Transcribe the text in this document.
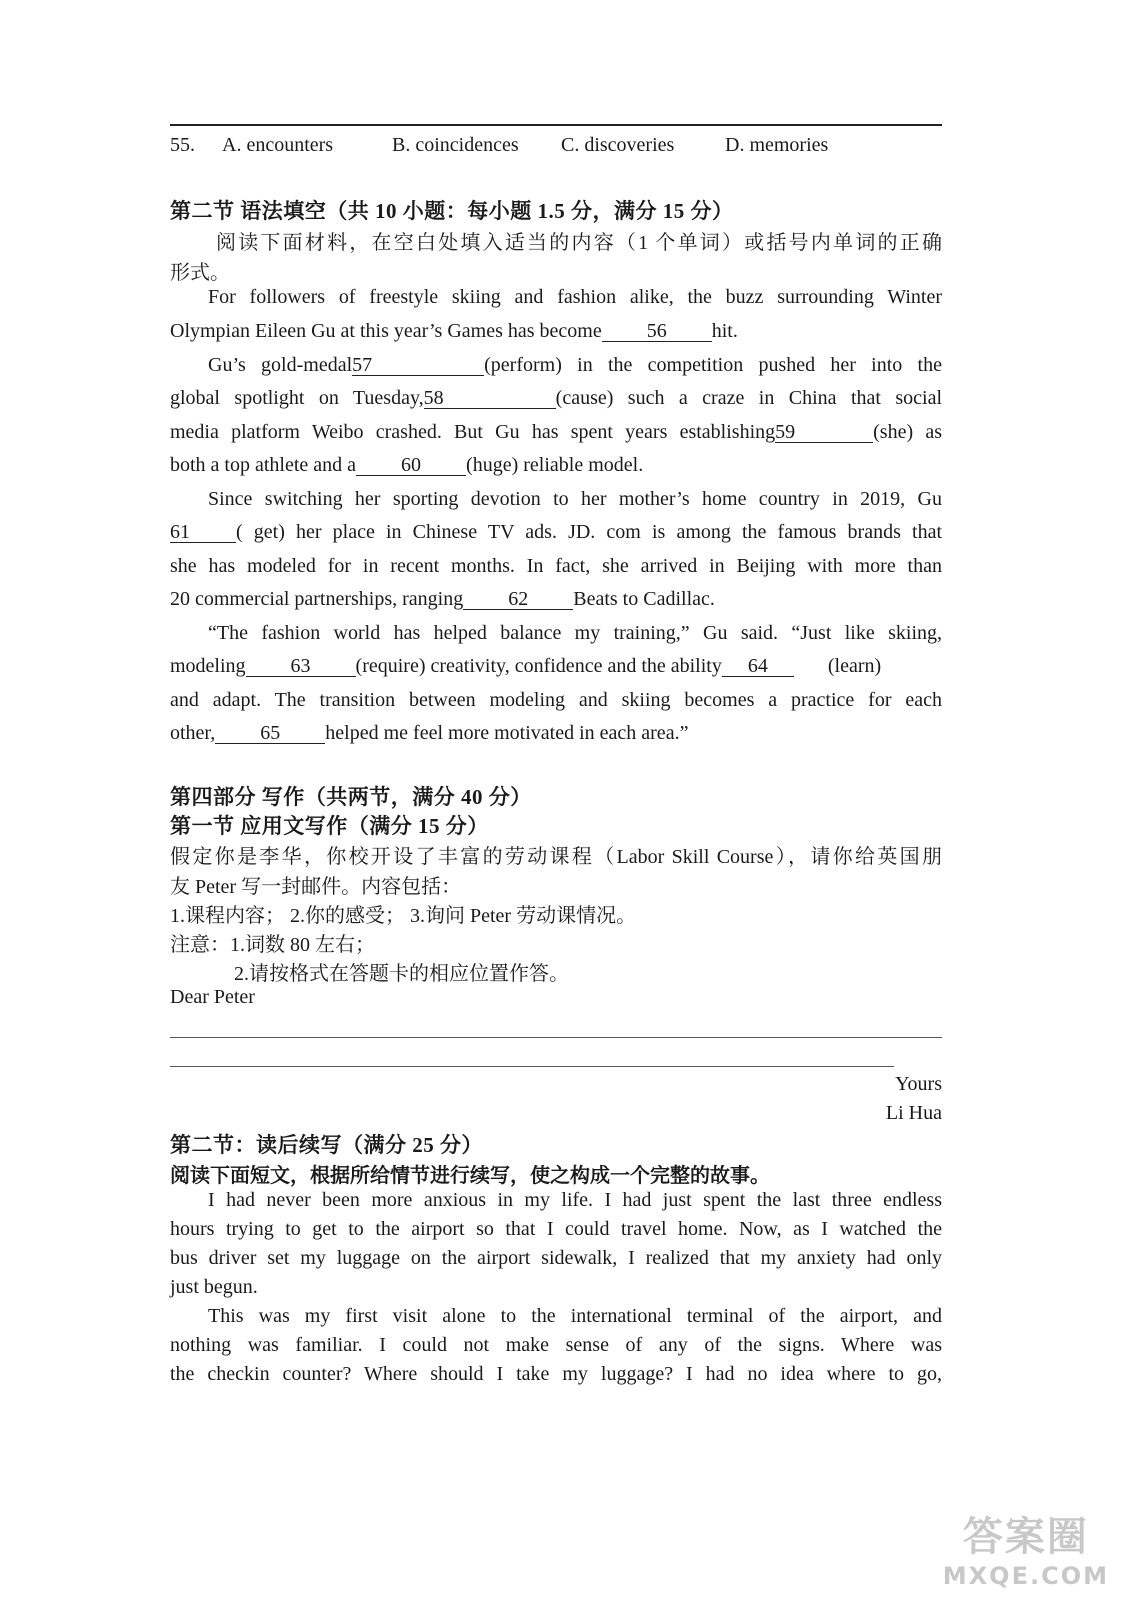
55. A. encounters	B. coincidences C. discoveries	D. memories
第二节 语法填空（共 10 小题：每小题 1.5 分，满分 15 分）
阅读下面材料，在空白处填入适当的内容（1 个单词）或括号内单词的正确
形式。
For followers of freestyle skiing and fashion alike, the buzz surrounding Winter
Olympian Eileen Gu at this year’s Games has become 56 hit.
Gu’s gold-medal57	(perform) in the competition pushed her into the
global spotlight on Tuesday,58	(cause) such a craze in China that social
media platform Weibo crashed. But Gu has spent years establishing59	(she) as
both a top athlete and a 60 (huge) reliable model.
Since switching her sporting devotion to her mother’s home country in 2019, Gu
61 ( get) her place in Chinese TV ads. JD. com is among the famous brands that
she has modeled for in recent months. In fact, she arrived in Beijing with more than
20 commercial partnerships, ranging 62 Beats to Cadillac.
“The fashion world has helped balance my training,” Gu said. “Just like skiing,
modeling 63 (require) creativity, confidence and the ability 64	(learn)
and adapt. The transition between modeling and skiing becomes a practice for each
other, 65 helped me feel more motivated in each area.”
第四部分 写作（共两节，满分 40 分）
第一节 应用文写作（满分 15 分）
假定你是李华，你校开设了丰富的劳动课程（Labor Skill Course），请你给英国朋
友 Peter 写一封邮件。内容包括：
1.课程内容； 2.你的感受； 3.询问 Peter 劳动课情况。
注意：1.词数 80 左右；
2.请按格式在答题卡的相应位置作答。
Dear Peter
Yours
Li Hua
第二节：读后续写（满分 25 分）
阅读下面短文，根据所给情节进行续写，使之构成一个完整的故事。
I had never been more anxious in my life. I had just spent the last three endless
hours trying to get to the airport so that I could travel home. Now, as I watched the
bus driver set my luggage on the airport sidewalk, I realized that my anxiety had only
just begun.
This was my first visit alone to the international terminal of the airport, and
nothing was familiar. I could not make sense of any of the signs. Where was
the checkin counter? Where should I take my luggage? I had no idea where to go,
答案圈
MXQE.COM
